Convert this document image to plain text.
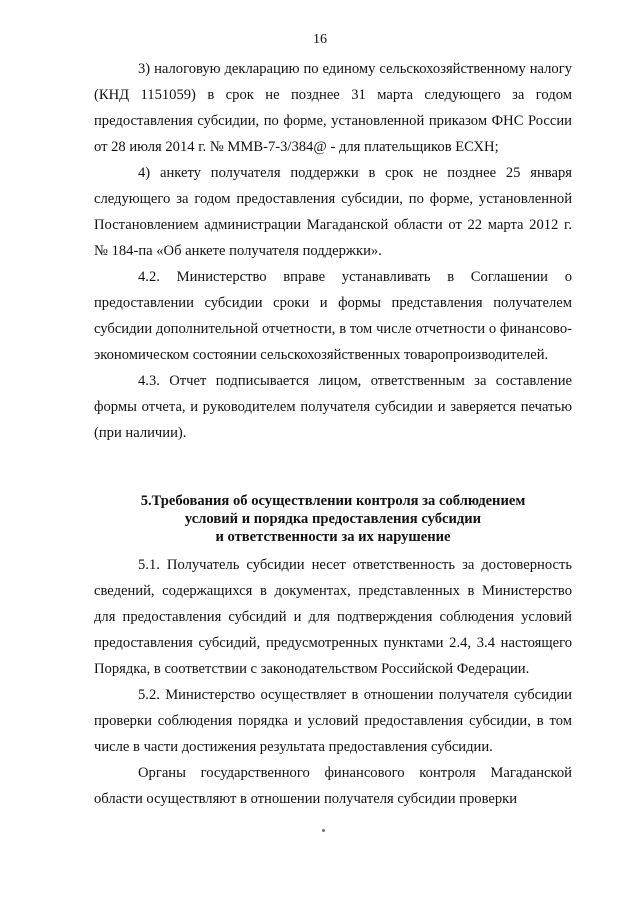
16

3) налоговую декларацию по единому сельскохозяйственному налогу (КНД 1151059) в срок не позднее 31 марта следующего за годом предоставления субсидии, по форме, установленной приказом ФНС России от 28 июля 2014 г. № ММВ-7-3/384@ - для плательщиков ЕСХН;

4) анкету получателя поддержки в срок не позднее 25 января следующего за годом предоставления субсидии, по форме, установленной Постановлением администрации Магаданской области от 22 марта 2012 г. № 184-па «Об анкете получателя поддержки».

4.2. Министерство вправе устанавливать в Соглашении о предоставлении субсидии сроки и формы представления получателем субсидии дополнительной отчетности, в том числе отчетности о финансово-экономическом состоянии сельскохозяйственных товаропроизводителей.

4.3. Отчет подписывается лицом, ответственным за составление формы отчета, и руководителем получателя субсидии и заверяется печатью (при наличии).

5.Требования об осуществлении контроля за соблюдением
условий и порядка предоставления субсидии
и ответственности за их нарушение

5.1. Получатель субсидии несет ответственность за достоверность сведений, содержащихся в документах, представленных в Министерство для предоставления субсидий и для подтверждения соблюдения условий предоставления субсидий, предусмотренных пунктами 2.4, 3.4 настоящего Порядка, в соответствии с законодательством Российской Федерации.

5.2. Министерство осуществляет в отношении получателя субсидии проверки соблюдения порядка и условий предоставления субсидии, в том числе в части достижения результата предоставления субсидии.

Органы государственного финансового контроля Магаданской области осуществляют в отношении получателя субсидии проверки
